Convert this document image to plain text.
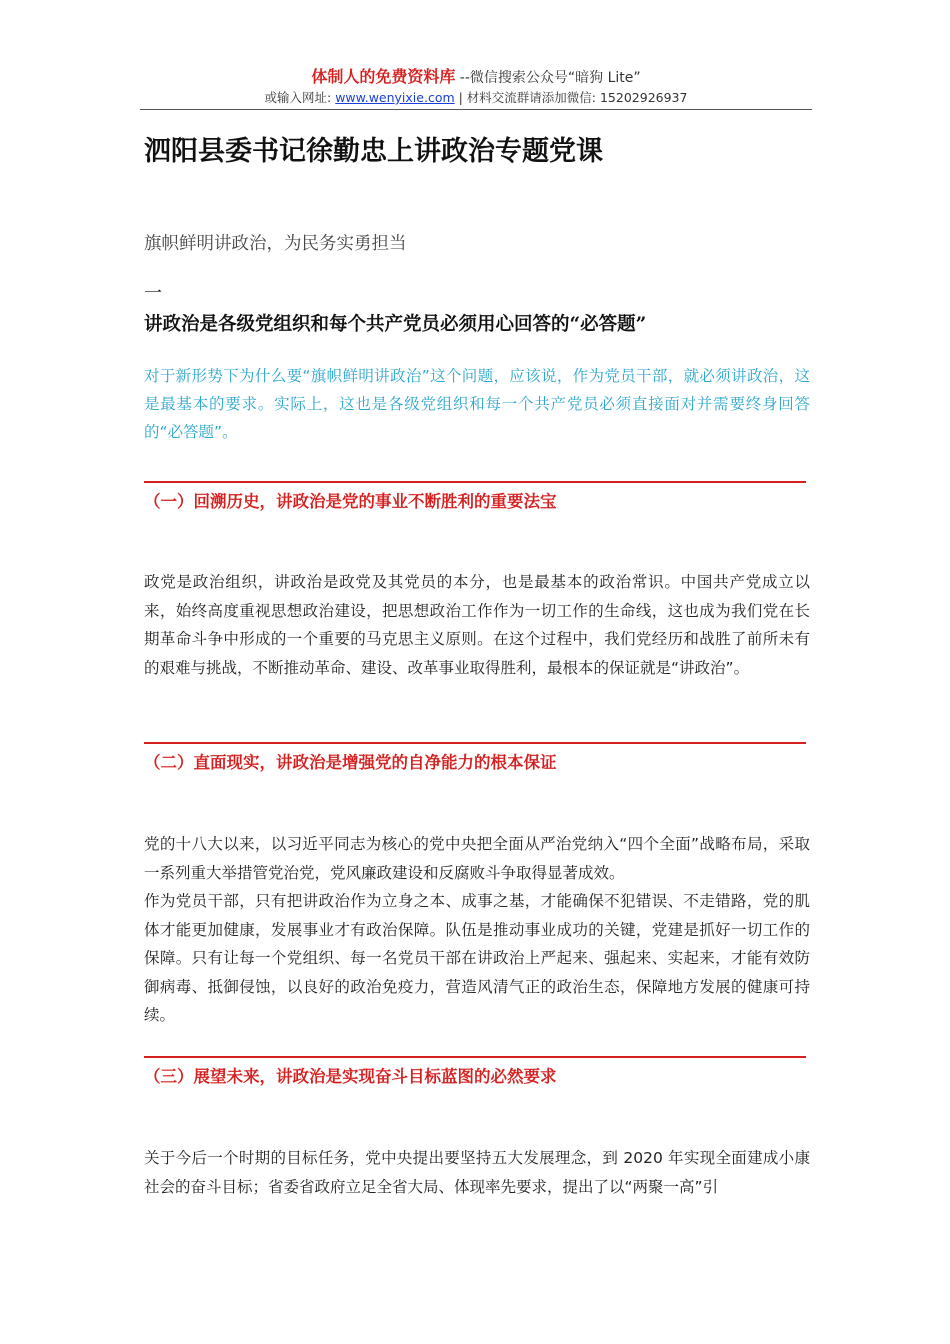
体制人的免费资料库 --微信搜索公众号“暗狗 Lite”
或输入网址: www.wenyixie.com | 材料交流群请添加微信: 15202926937
泗阳县委书记徐勤忠上讲政治专题党课
旗帜鲜明讲政治，为民务实勇担当
一
讲政治是各级党组织和每个共产党员必须用心回答的“必答题”
对于新形势下为什么要“旗帜鲜明讲政治”这个问题，应该说，作为党员干部，就必须讲政治，这是最基本的要求。实际上，这也是各级党组织和每一个共产党员必须直接面对并需要终身回答的“必答题”。
（一）回溯历史，讲政治是党的事业不断胜利的重要法宝

政党是政治组织，讲政治是政党及其党员的本分，也是最基本的政治常识。中国共产党成立以来，始终高度重视思想政治建设，把思想政治工作作为一切工作的生命线，这也成为我们党在长期革命斗争中形成的一个重要的马克思主义原则。在这个过程中，我们党经历和战胜了前所未有的艰难与挑战，不断推动革命、建设、改革事业取得胜利，最根本的保证就是“讲政治”。

（二）直面现实，讲政治是增强党的自净能力的根本保证

党的十八大以来，以习近平同志为核心的党中央把全面从严治党纳入“四个全面”战略布局，采取一系列重大举措管党治党，党风廉政建设和反腐败斗争取得显著成效。

作为党员干部，只有把讲政治作为立身之本、成事之基，才能确保不犯错误、不走错路，党的肌体才能更加健康，发展事业才有政治保障。队伍是推动事业成功的关键，党建是抓好一切工作的保障。只有让每一个党组织、每一名党员干部在讲政治上严起来、强起来、实起来，才能有效防御病毒、抵御侵蚀，以良好的政治免疫力，营造风清气正的政治生态，保障地方发展的健康可持续。

（三）展望未来，讲政治是实现奋斗目标蓝图的必然要求

关于今后一个时期的目标任务，党中央提出要坚持五大发展理念，到 2020 年实现全面建成小康社会的奋斗目标；省委省政府立足全省大局、体现率先要求，提出了以“两聚一高”引
